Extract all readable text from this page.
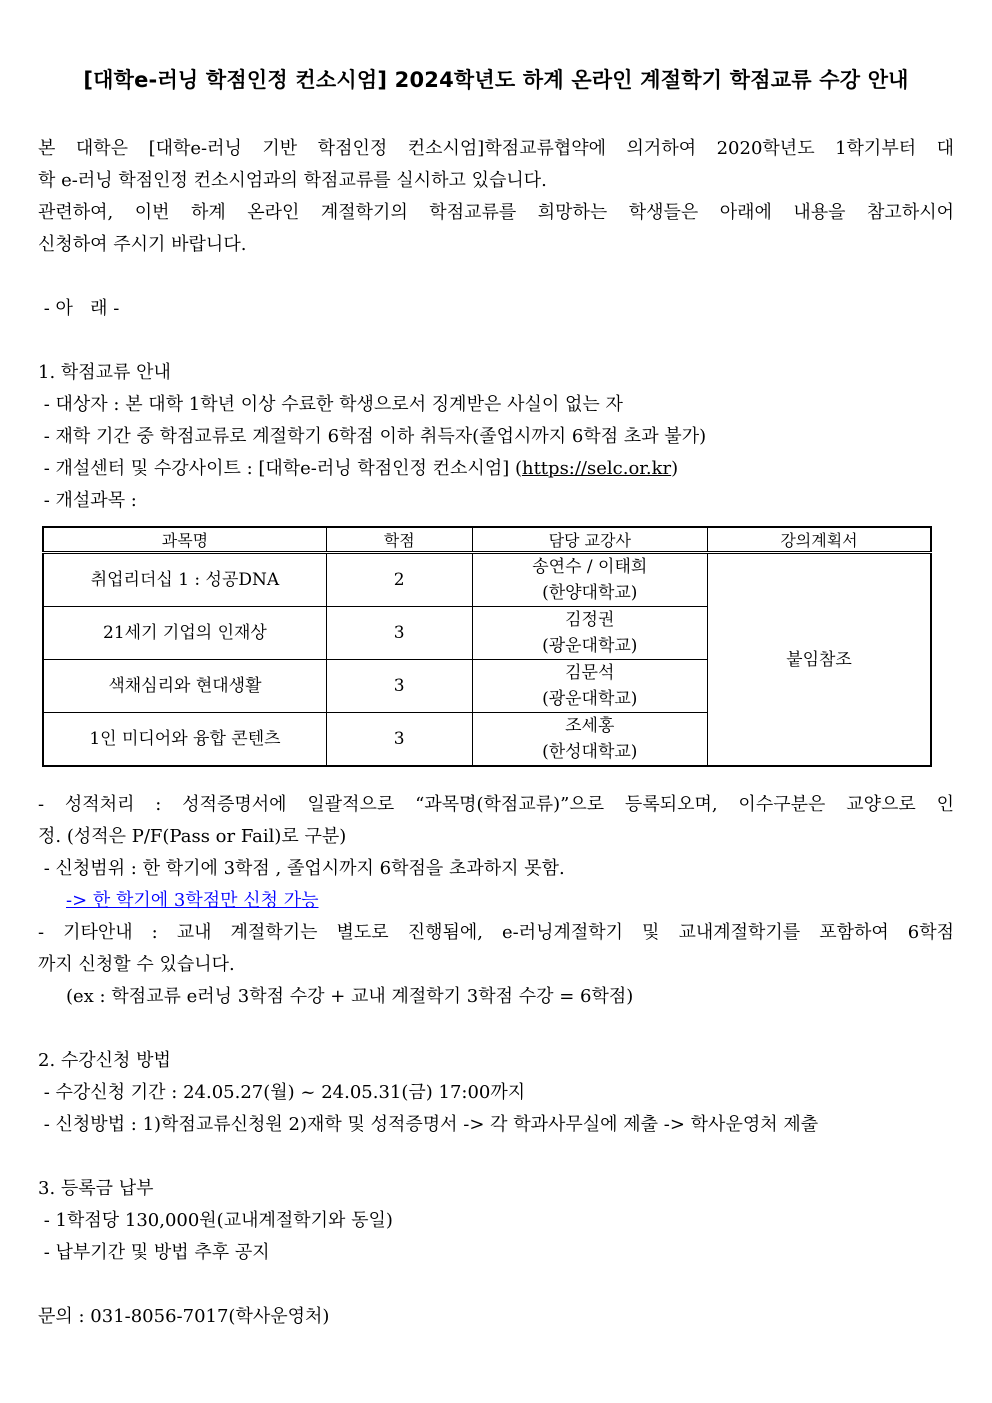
[대학e-러닝 학점인정 컨소시엄] 2024학년도 하계 온라인 계절학기 학점교류 수강 안내
본 대학은 [대학e-러닝 기반 학점인정 컨소시엄]학점교류협약에 의거하여 2020학년도 1학기부터 대
학 e-러닝 학점인정 컨소시엄과의 학점교류를 실시하고 있습니다.
관련하여, 이번 하계 온라인 계절학기의 학점교류를 희망하는 학생들은 아래에 내용을 참고하시어
신청하여 주시기 바랍니다.
- 아   래 -
1. 학점교류 안내
- 대상자 : 본 대학 1학년 이상 수료한 학생으로서 징계받은 사실이 없는 자
- 재학 기간 중 학점교류로 계절학기 6학점 이하 취득자(졸업시까지 6학점 초과 불가)
- 개설센터 및 수강사이트 : [대학e-러닝 학점인정 컨소시엄] (https://selc.or.kr)
- 개설과목 :
과목명	학점	담당 교강사	강의계획서
취업리더십 1 : 성공DNA	2	송연수 / 이태희
(한양대학교)	붙임참조
21세기 기업의 인재상	3	김정권
(광운대학교)	
색채심리와 현대생활	3	김문석
(광운대학교)	
1인 미디어와 융합 콘텐츠	3	조세홍
(한성대학교)	
- 성적처리 : 성적증명서에 일괄적으로 “과목명(학점교류)”으로 등록되오며, 이수구분은 교양으로 인
정. (성적은 P/F(Pass or Fail)로 구분)
- 신청범위 : 한 학기에 3학점 , 졸업시까지 6학점을 초과하지 못함.
-> 한 학기에 3학점만 신청 가능
- 기타안내 : 교내 계절학기는 별도로 진행됨에, e-러닝계절학기 및 교내계절학기를 포함하여 6학점
까지 신청할 수 있습니다.
(ex : 학점교류 e러닝 3학점 수강 + 교내 계절학기 3학점 수강 = 6학점)
2. 수강신청 방법
- 수강신청 기간 : 24.05.27(월) ~ 24.05.31(금) 17:00까지
- 신청방법 : 1)학점교류신청원 2)재학 및 성적증명서 -> 각 학과사무실에 제출 -> 학사운영처 제출
3. 등록금 납부
- 1학점당 130,000원(교내계절학기와 동일)
- 납부기간 및 방법 추후 공지
문의 : 031-8056-7017(학사운영처)
